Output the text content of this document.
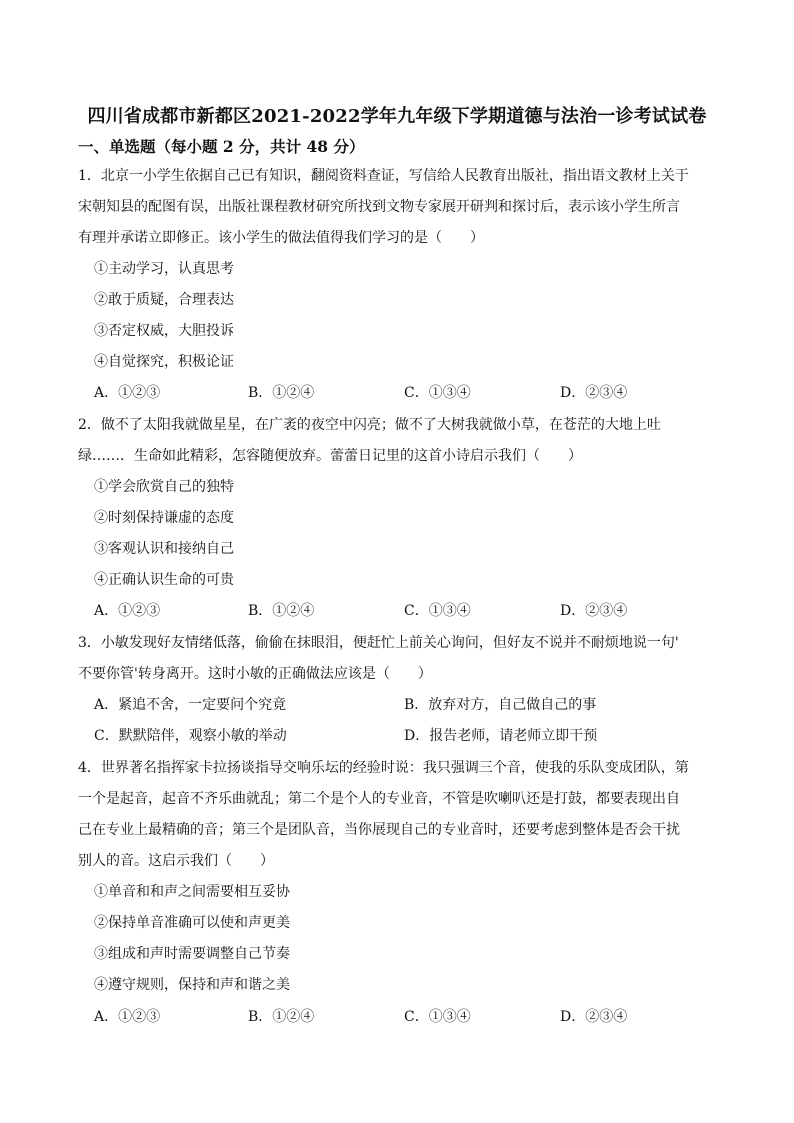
四川省成都市新都区2021-2022学年九年级下学期道德与法治一诊考试试卷
一、单选题（每小题 2 分，共计 48 分）
1．北京一小学生依据自己已有知识，翻阅资料查证，写信给人民教育出版社，指出语文教材上关于
宋朝知县的配图有误，出版社课程教材研究所找到文物专家展开研判和探讨后，表示该小学生所言
有理并承诺立即修正。该小学生的做法值得我们学习的是（　　）
①主动学习，认真思考
②敢于质疑，合理表达
③否定权威，大胆投诉
④自觉探究，积极论证
A．①②③	B．①②④	C．①③④	D．②③④
2．做不了太阳我就做星星，在广袤的夜空中闪亮；做不了大树我就做小草，在苍茫的大地上吐
绿……．生命如此精彩，怎容随便放弃。蕾蕾日记里的这首小诗启示我们（　　）
①学会欣赏自己的独特
②时刻保持谦虚的态度
③客观认识和接纳自己
④正确认识生命的可贵
A．①②③	B．①②④	C．①③④	D．②③④
3．小敏发现好友情绪低落，偷偷在抹眼泪，便赶忙上前关心询问，但好友不说并不耐烦地说一句'
不要你管'转身离开。这时小敏的正确做法应该是（　　）
A．紧追不舍，一定要问个究竟	B．放弃对方，自己做自己的事
C．默默陪伴，观察小敏的举动	D．报告老师，请老师立即干预
4．世界著名指挥家卡拉扬谈指导交响乐坛的经验时说：我只强调三个音，使我的乐队变成团队，第
一个是起音，起音不齐乐曲就乱；第二个是个人的专业音，不管是吹喇叭还是打鼓，都要表现出自
己在专业上最精确的音；第三个是团队音，当你展现自己的专业音时，还要考虑到整体是否会干扰
别人的音。这启示我们（　　）
①单音和和声之间需要相互妥协
②保持单音准确可以使和声更美
③组成和声时需要调整自己节奏
④遵守规则，保持和声和谐之美
A．①②③	B．①②④	C．①③④	D．②③④
